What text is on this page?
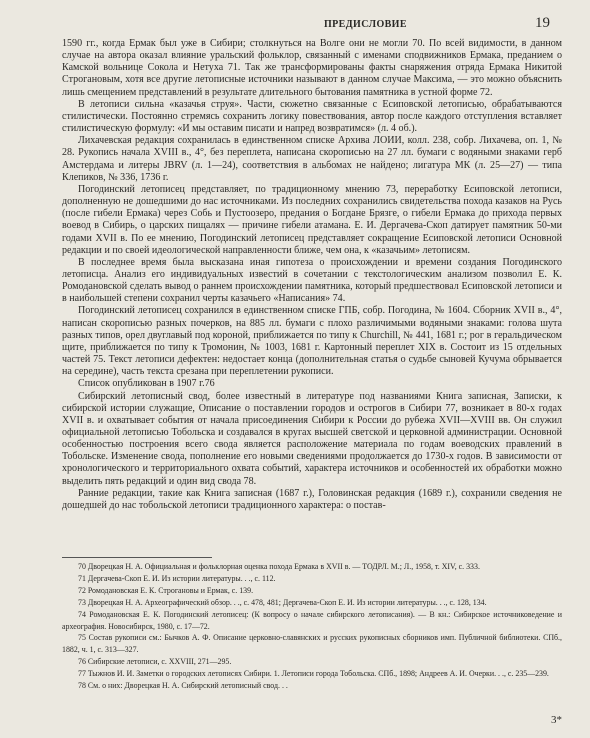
ПРЕДИСЛОВИЕ	19

1590 гг., когда Ермак был уже в Сибири; столкнуться на Волге они не могли 70. По всей видимости, в данном случае на автора оказал влияние уральский фольклор, связанный с именами сподвижников Ермака, преданием о Камской вольнице Сокола и Нетуха 71. Так же трансформированы факты снаряжения отряда Ермака Никитой Строгановым, хотя все другие летописные источники называют в данном случае Максима, — это можно объяснить лишь смещением представлений в результате длительного бытования памятника в устной форме 72.

В летописи сильна «казачья струя». Части, сюжетно связанные с Есиповской летописью, обрабатываются стилистически. Постоянно стремясь сохранить логику повествования, автор после каждого отступления вставляет стилистическую формулу: «И мы оставим писати и напред возвратимся» (л. 4 об.).

Лихачевская редакция сохранилась в единственном списке Архива ЛОИИ, колл. 238, собр. Лихачева, оп. 1, № 28. Рукопись начала XVIII в., 4°, без переплета, написана скорописью на 27 лл. бумаги с водяными знаками герб Амстердама и литеры JBRV (л. 1—24), соответствия в альбомах не найдено; лигатура МК (л. 25—27) — типа Клепиков, № 336, 1736 г.

Погодинский летописец представляет, по традиционному мнению 73, переработку Есиповской летописи, дополненную не дошедшими до нас источниками. Из последних сохранились свидетельства похода казаков на Русь (после гибели Ермака) через Собь и Пустоозеро, предания о Богдане Брязге, о гибели Ермака до прихода первых воевод в Сибирь, о царских пищалях — причине гибели атамана. Е. И. Дергачева-Скоп датирует памятник 50-ми годами XVII в. По ее мнению, Погодинский летописец представляет сокращение Есиповской летописи Основной редакции и по своей идеологической направленности ближе, чем она, к «казачьим» летописям.

В последнее время была высказана иная гипотеза о происхождении и времени создания Погодинского летописца. Анализ его индивидуальных известий в сочетании с текстологическим анализом позволил Е. К. Ромодановской сделать вывод о раннем происхождении памятника, который предшествовал Есиповской летописи и в наибольшей степени сохранил черты казачьего «Написания» 74.

Погодинский летописец сохранился в единственном списке ГПБ, собр. Погодина, № 1604. Сборник XVII в., 4°, написан скорописью разных почерков, на 885 лл. бумаги с плохо различимыми водяными знаками: голова шута разных типов, орел двуглавый под короной, приближается по типу к Churchill, № 441, 1681 г.; рог в геральдическом щите, приближается по типу к Тромонин, № 1003, 1681 г. Картонный переплет XIX в. Состоит из 15 отдельных частей 75. Текст летописи дефектен: недостает конца (дополнительная статья о судьбе сыновей Кучума обрывается на середине), часть текста срезана при переплетении рукописи.

Список опубликован в 1907 г.76

Сибирский летописный свод, более известный в литературе под названиями Книга записная, Записки, к сибирской истории служащие, Описание о поставлении городов и острогов в Сибири 77, возникает в 80-х годах XVII в. и охватывает события от начала присоединения Сибири к России до рубежа XVII—XVIII вв. Он служил официальной летописью Тобольска и создавался в кругах высшей светской и церковной администрации. Основной особенностью построения всего свода является расположение материала по годам воеводских правлений в Тобольске. Изменение свода, пополнение его новыми сведениями продолжается до 1730-х годов. В зависимости от хронологического и территориального охвата событий, характера источников и особенностей их обработки можно выделить пять редакций и один вид свода 78.

Ранние редакции, такие как Книга записная (1687 г.), Головинская редакция (1689 г.), сохранили сведения не дошедшей до нас тобольской летописи традиционного характера: о постав-

70 Дворецкая Н. А. Официальная и фольклорная оценка похода Ермака в XVII в. — ТОДРЛ. М.; Л., 1958, т. XIV, с. 333.

71 Дергачева-Скоп Е. И. Из истории литературы. . ., с. 112.

72 Ромодановская Е. К. Строгановы и Ермак, с. 139.

73 Дворецкая Н. А. Археографический обзор. . ., с. 478, 481; Дергачева-Скоп Е. И. Из истории литературы. . ., с. 128, 134.

74 Ромодановская Е. К. Погодинский летописец: (К вопросу о начале сибирского летописания). — В кн.: Сибирское источниковедение и археография. Новосибирск, 1980, с. 17—72.

75 Состав рукописи см.: Бычков А. Ф. Описание церковно-славянских и русских рукописных сборников имп. Публичной библиотеки. СПб., 1882, ч. 1, с. 313—327.

76 Сибирские летописи, с. XXVIII, 271—295.

77 Тыжнов И. И. Заметки о городских летописях Сибири. 1. Летописи города Тобольска. СПб., 1898; Андреев А. И. Очерки. . ., с. 235—239.

78 См. о них: Дворецкая Н. А. Сибирский летописный свод. . .

3*
